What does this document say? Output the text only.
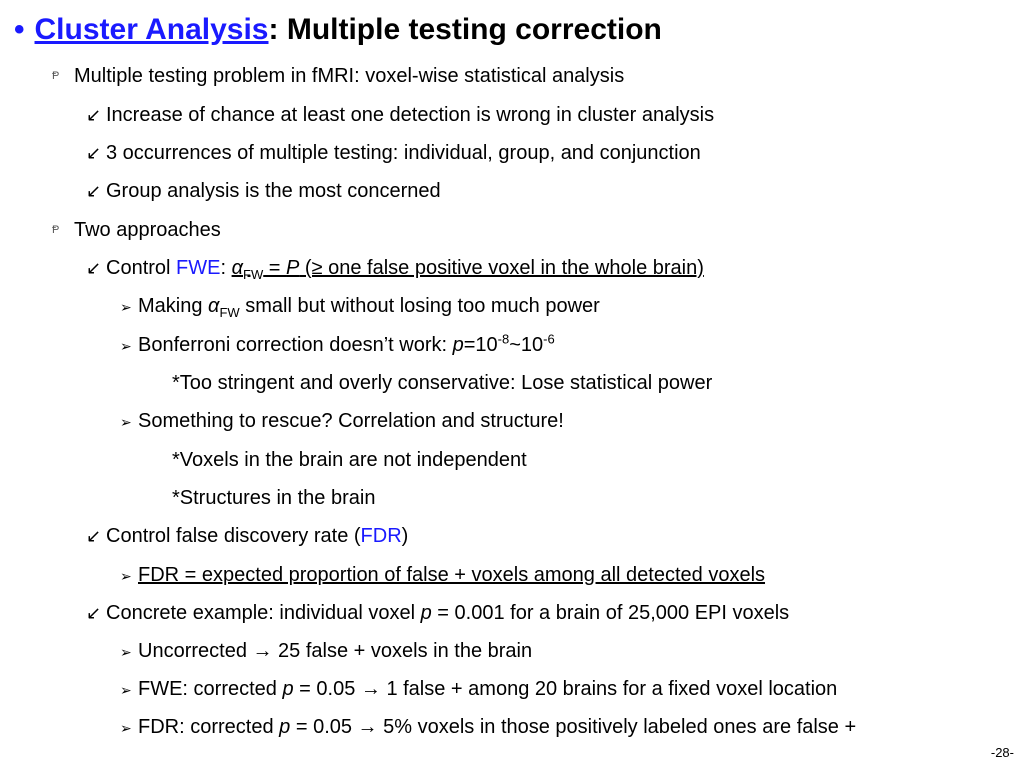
• Cluster Analysis: Multiple testing correction
Ᵽ Multiple testing problem in fMRI: voxel-wise statistical analysis
↙ Increase of chance at least one detection is wrong in cluster analysis
↙ 3 occurrences of multiple testing: individual, group, and conjunction
↙ Group analysis is the most concerned
Ᵽ Two approaches
↙ Control FWE: $\alpha_{FW} = P$ (≥ one false positive voxel in the whole brain)
➢ Making $\alpha_{FW}$ small but without losing too much power
➢ Bonferroni correction doesn’t work: $p=10^{-8}\sim 10^{-6}$
*Too stringent and overly conservative: Lose statistical power
➢ Something to rescue? Correlation and structure!
*Voxels in the brain are not independent
*Structures in the brain
↙ Control false discovery rate (FDR)
➢ FDR = expected proportion of false + voxels among all detected voxels
↙ Concrete example: individual voxel p = 0.001 for a brain of 25,000 EPI voxels
➢ Uncorrected → 25 false + voxels in the brain
➢ FWE: corrected p = 0.05 → 1 false + among 20 brains for a fixed voxel location
➢ FDR: corrected p = 0.05 → 5% voxels in those positively labeled ones are false +
-28-
